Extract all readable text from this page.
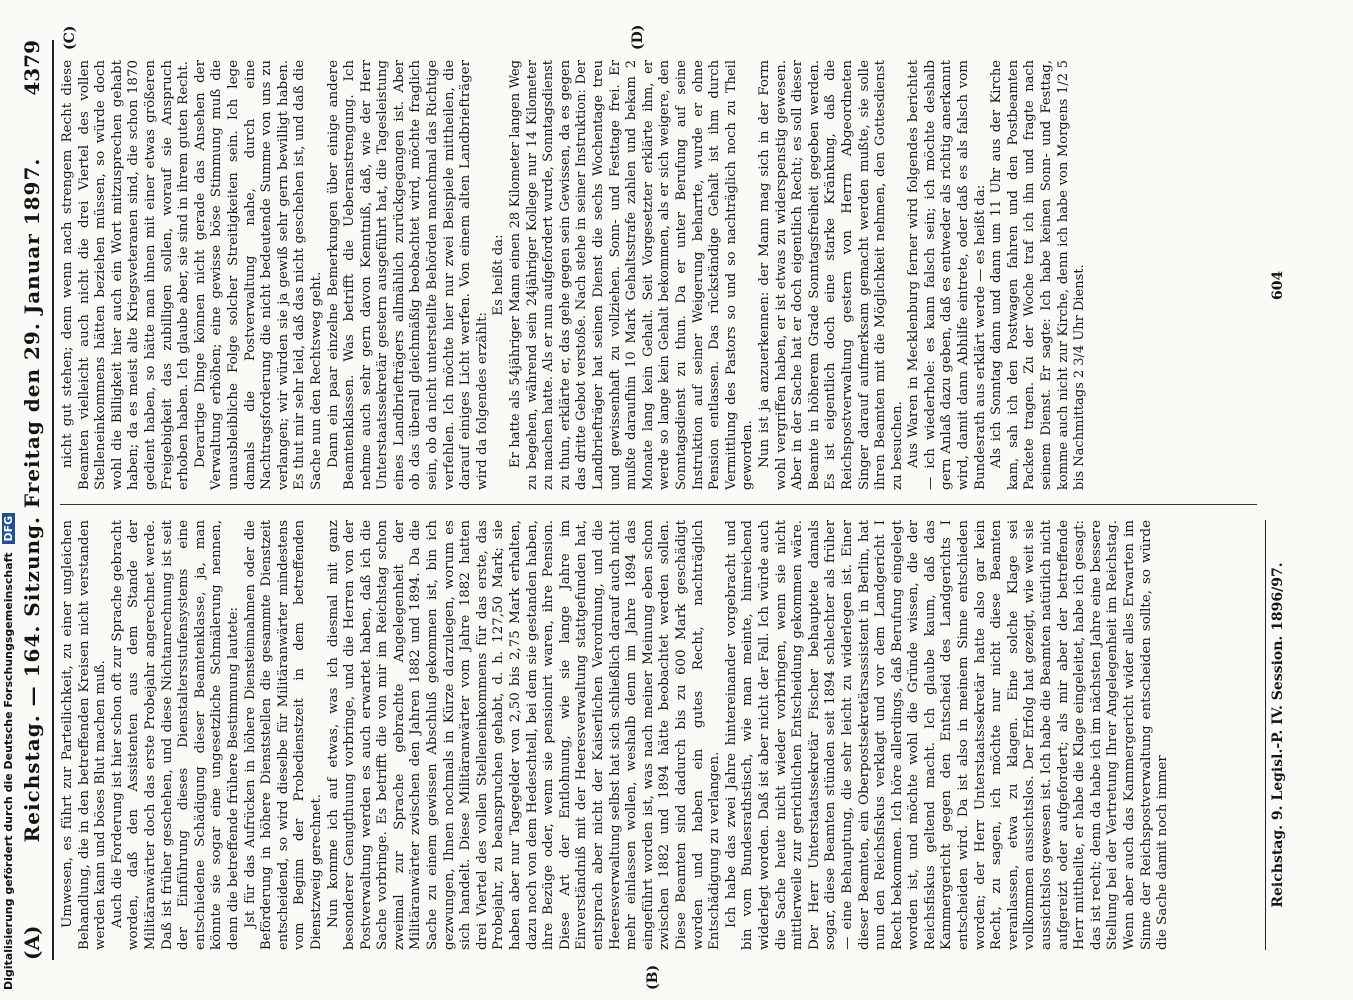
(A)
Reichstag. — 164. Sitzung. Freitag den 29. Januar 1897.
4379
(B)
(C)	(D)

Umwesen, es führt zur Parteilichkeit, zu einer ungleichen Behandlung, die in den betreffenden Kreisen nicht verstanden werden kann und böses Blut machen muß. Auch die Forderung ist hier schon oft zur Sprache gebracht worden, daß den Assistenten aus dem Stande der Militäranwärter doch das erste Probejahr angerechnet werde. Daß ist früher geschehen, und diese Nichtanrechnung ist seit der Einführung dieses Dienstaltersstufensystems eine entschiedene Schädigung dieser Beamtenklasse, ja, man könnte sie sogar eine ungesetzliche Schmälerung nennen, denn die betreffende frühere Bestimmung lautete: Jst für das Aufrücken in höhere Diensteinnahmen oder die Beförderung in höhere Dienststellen die gesammte Dienstzeit entscheidend, so wird dieselbe für Militäranwärter mindestens vom Beginn der Probedienstzeit in dem betreffenden Dienstzweig gerechnet. Nun komme ich auf etwas, was ich diesmal mit ganz besonderer Genugthuung vorbringe, und die Herren von der Postverwaltung werden es auch erwartet haben, daß ich die Sache vorbringe. Es betrifft die von mir im Reichstag schon zweimal zur Sprache gebrachte Angelegenheit der Militäranwärter zwischen den Jahren 1882 und 1894. Da die Sache zu einem gewissen Abschluß gekommen ist, bin ich gezwungen, Ihnen nochmals in Kürze darzulegen, worum es sich handelt. Diese Militäranwärter vom Jahre 1882 hatten drei Viertel des vollen Stelleneinkommens für das erste, das Probejahr, zu beanspruchen gehabt, d. h. 127,50 Mark; sie haben aber nur Tagegelder von 2,50 bis 2,75 Mark erhalten, dazu noch von dem Hedeschtell, bei dem sie gestanden haben, ihre Bezüge oder, wenn sie pensionirt waren, ihre Pension. Diese Art der Entlohnung, wie sie lange Jahre im Einverständniß mit der Heeresverwaltung stattgefunden hat, entsprach aber nicht der Kaiserlichen Verordnung, und die Heeresverwaltung selbst hat sich schließlich darauf auch nicht mehr einlassen wollen, weshalb denn im Jahre 1894 das eingeführt worden ist, was nach meiner Meinung eben schon zwischen 1882 und 1894 hätte beobachtet werden sollen. Diese Beamten sind dadurch bis zu 600 Mark geschädigt worden und haben ein gutes Recht, nachträglich Entschädigung zu verlangen. Ich habe das zwei Jahre hintereinander vorgebracht und bin vom Bundesrathstisch, wie man meinte, hinreichend widerlegt worden. Daß ist aber nicht der Fall. Ich würde auch die Sache heute nicht wieder vorbringen, wenn sie nicht mittlerweile zur gerichtlichen Entscheidung gekommen wäre. Der Herr Unterstaatssekretär Fischer behauptete damals sogar, diese Beamten stünden seit 1894 schlechter als früher — eine Behauptung, die sehr leicht zu widerlegen ist. Einer dieser Beamten, ein Oberpostsekretärsassistent in Berlin, hat nun den Reichsfiskus verklagt und vor dem Landgericht I Recht bekommen. Ich höre allerdings, daß Berufung eingelegt worden ist, und möchte wohl die Gründe wissen, die der Reichsfiskus geltend macht. Ich glaube kaum, daß das Kammergericht gegen den Entscheid des Landgerichts I entscheiden wird. Da ist also in meinem Sinne entschieden worden; der Herr Unterstaatssekretär hatte also gar kein Recht, zu sagen, ich möchte nur nicht diese Beamten veranlassen, etwa zu klagen. Eine solche Klage sei vollkommen aussichtslos. Der Erfolg hat gezeigt, wie weit sie aussichtslos gewesen ist. Ich habe die Beamten natürlich nicht aufgereizt oder aufgefordert; als mir aber der betreffende Herr mittheilte, er habe die Klage eingeleitet, habe ich gesagt: das ist recht; denn da habe ich im nächsten Jahre eine bessere Stellung bei der Vertretung Ihrer Angelegenheit im Reichstag. Wenn aber auch das Kammergericht wider alles Erwarten im Sinne der Reichspostverwaltung entscheiden sollte, so würde die Sache damit noch immer

nicht gut stehen; denn wenn nach strengem Recht diese Beamten vielleicht auch nicht die drei Viertel des vollen Stelleneinkommens hätten beziehen müssen, so würde doch wohl die Billigkeit hier auch ein Wort mitzusprechen gehabt haben; da es meist alte Kriegsveteranen sind, die schon 1870 gedient haben, so hätte man ihnen mit einer etwas größeren Freigebigkeit das zubilligen sollen, worauf sie Anspruch erhoben haben. Ich glaube aber, sie sind in ihrem guten Recht. Derartige Dinge können nicht gerade das Ansehen der Verwaltung erhöhen; eine gewisse böse Stimmung muß die unausbleibliche Folge solcher Streitigkeiten sein. Ich lege damals die Postverwaltung nahe, durch eine Nachtragsforderung die nicht bedeutende Summe von uns zu verlangen; wir würden sie ja gewiß sehr gern bewilligt haben. Es thut mir sehr leid, daß das nicht geschehen ist, und daß die Sache nun den Rechtsweg geht. Dann ein paar einzelne Bemerkungen über einige andere Beamtenklassen. Was betrifft die Ueberanstrengung. Ich nehme auch sehr gern davon Kenntniß, daß, wie der Herr Unterstaatssekretär gestern ausgeführt hat, die Tagesleistung eines Landbriefträgers allmählich zurückgegangen ist. Aber ob das überall gleichmäßig beobachtet wird, möchte fraglich sein, ob da nicht unterstellte Behörden manchmal das Richtige verfehlen. Ich möchte hier nur zwei Beispiele mittheilen, die darauf einiges Licht werfen. Von einem alten Landbriefträger wird da folgendes erzählt:

Es heißt da: Er hatte als 54jähriger Mann einen 28 Kilometer langen Weg zu begehen, während sein 24jähriger Kollege nur 14 Kilometer zu machen hatte. Als er nun aufgefordert wurde, Sonntagsdienst zu thun, erklärte er, das gehe gegen sein Gewissen, da es gegen das dritte Gebot verstoße. Nach stehe in seiner Instruktion: Der Landbriefträger hat seinen Dienst die sechs Wochentage treu und gewissenhaft zu vollziehen. Sonn- und Festtage frei. Er mußte daraufhin 10 Mark Gehaltsstrafe zahlen und bekam 2 Monate lang kein Gehalt. Seit Vorgesetzter erklärte ihm, er werde so lange kein Gehalt bekommen, als er sich weigere, den Sonntagsdienst zu thun. Da er unter Berufung auf seine Instruktion auf seiner Weigerung beharrte, wurde er ohne Pension entlassen. Das rückständige Gehalt ist ihm durch Vermittlung des Pastors so und so nachträglich noch zu Theil geworden. Nun ist ja anzuerkennen: der Mann mag sich in der Form wohl vergriffen haben, er ist etwas zu widerspenstig gewesen. Aber in der Sache hat er doch eigentlich Recht; es soll dieser Beamte in höherem Grade Sonntagsfreiheit gegeben werden. Es ist eigentlich doch eine starke Kränkung, daß die Reichspostverwaltung gestern von Herrn Abgeordneten Singer darauf aufmerksam gemacht werden mußte, sie solle ihren Beamten mit die Möglichkeit nehmen, den Gottesdienst zu besuchen. Aus Waren in Mecklenburg ferner wird folgendes berichtet — ich wiederhole: es kann falsch sein; ich möchte deshalb gern Anlaß dazu geben, daß es entweder als richtig anerkannt wird, damit dann Abhilfe eintrete, oder daß es als falsch vom Bundesrath aus erklärt werde — es heißt da: Als ich Sonntag dann und dann um 11 Uhr aus der Kirche kam, sah ich den Postwagen fahren und den Postbeamten Packete tragen. Zu der Woche traf ich ihn und fragte nach seinem Dienst. Er sagte: Ich habe keinen Sonn- und Festtag, komme auch nicht zur Kirche, denn ich habe von Morgens 1/2 5 bis Nachmittags 2 3/4 Uhr Dienst.

Reichstag. 9. Legisl.-P. IV. Session. 1896/97.
604
Digitalisierung gefördert durch die Deutsche Forschungsgemeinschaft DFG
